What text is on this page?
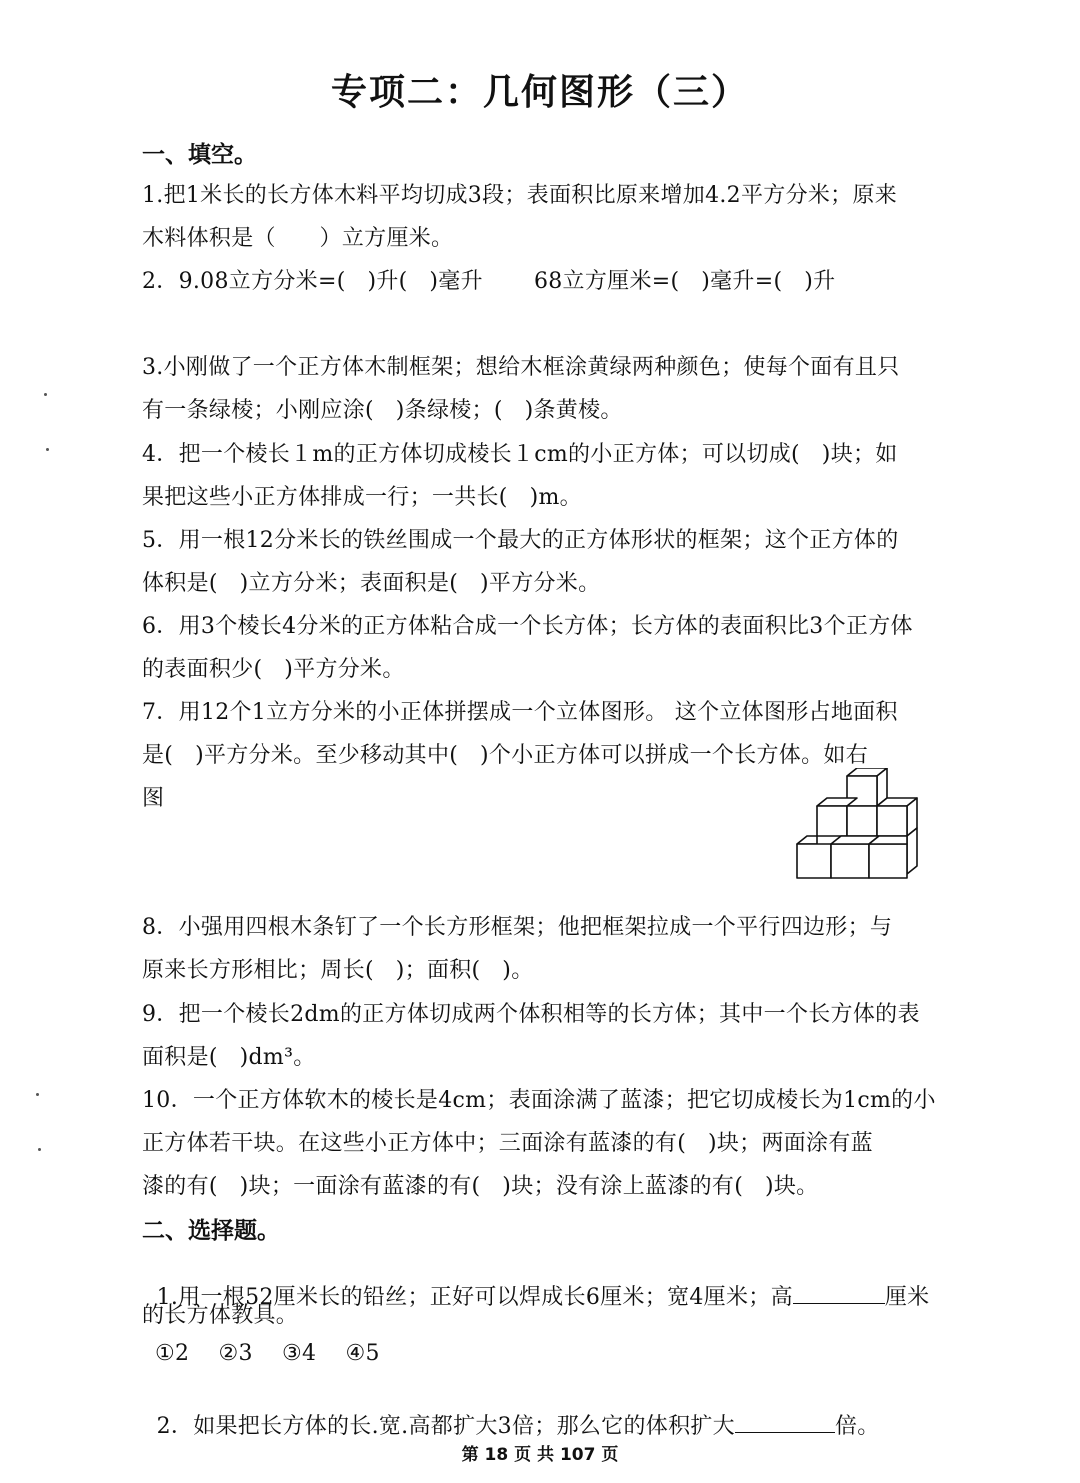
专项二：几何图形（三）
一、填空。
1.把1米长的长方体木料平均切成3段；表面积比原来增加4.2平方分米；原来
木料体积是（      ）立方厘米。
2．9.08立方分米=(   )升(   )毫升       68立方厘米=(   )毫升=(   )升
3.小刚做了一个正方体木制框架；想给木框涂黄绿两种颜色；使每个面有且只
有一条绿棱；小刚应涂(   )条绿棱；(   )条黄棱。
4．把一个棱长１m的正方体切成棱长１cm的小正方体；可以切成(   )块；如
果把这些小正方体排成一行；一共长(   )m。
5．用一根12分米长的铁丝围成一个最大的正方体形状的框架；这个正方体的
体积是(   )立方分米；表面积是(   )平方分米。
6．用3个棱长4分米的正方体粘合成一个长方体；长方体的表面积比3个正方体
的表面积少(   )平方分米。
7．用12个1立方分米的小正体拼摆成一个立体图形。 这个立体图形占地面积
是(   )平方分米。至少移动其中(   )个小正方体可以拼成一个长方体。如右
图
8．小强用四根木条钉了一个长方形框架；他把框架拉成一个平行四边形；与
原来长方形相比；周长(   )；面积(   )。
9．把一个棱长2dm的正方体切成两个体积相等的长方体；其中一个长方体的表
面积是(   )dm³。
10．一个正方体软木的棱长是4cm；表面涂满了蓝漆；把它切成棱长为1cm的小
正方体若干块。在这些小正方体中；三面涂有蓝漆的有(   )块；两面涂有蓝
漆的有(   )块；一面涂有蓝漆的有(   )块；没有涂上蓝漆的有(   )块。
二、选择题。

1.用一根52厘米长的铅丝；正好可以焊成长6厘米；宽4厘米；高	厘米

的长方体教具。
①2    ②3    ③4    ④5

2．如果把长方体的长.宽.高都扩大3倍；那么它的体积扩大	倍。

第 18 页 共 107 页
